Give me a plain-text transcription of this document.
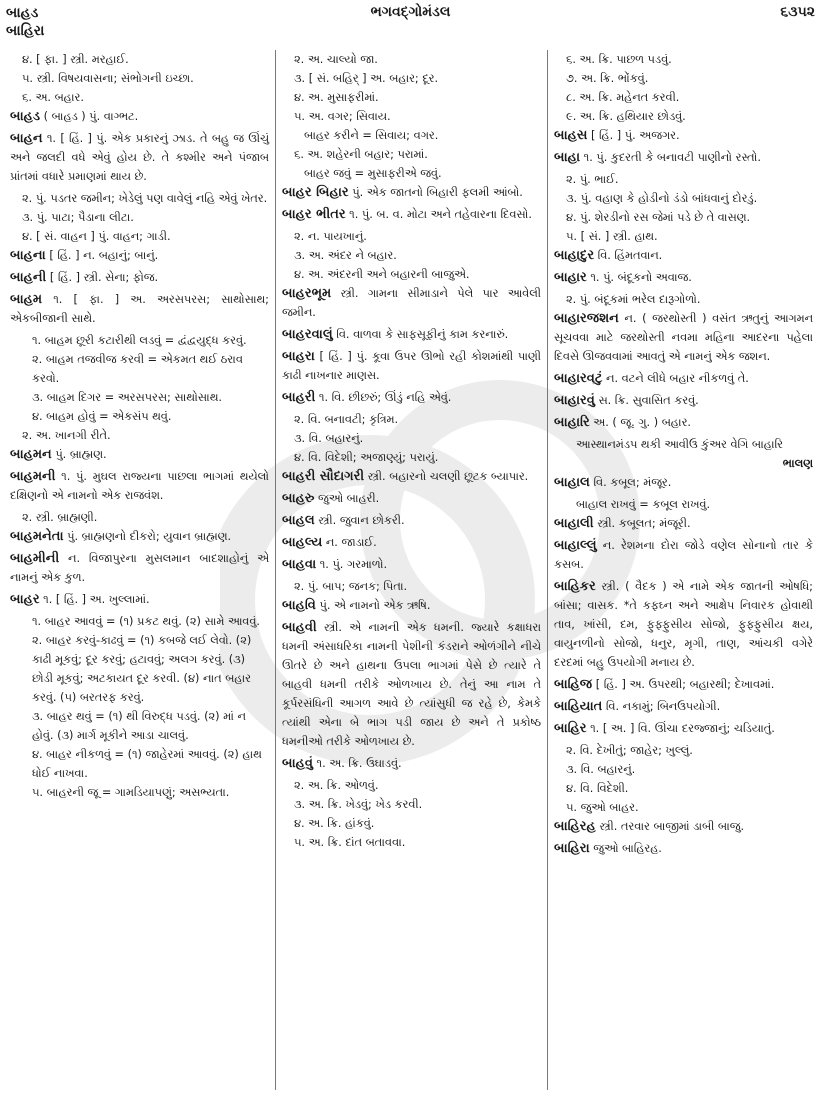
બાહડ
બાહિરા
ભગવદ્ગોમંડલ	૬૩૫૨
૪. [ ફા. ] સ્ત્રી. મરહાઈ.
૫. સ્ત્રી. વિષયવાસના; સંભોગની ઇચ્છા.
૬. અ. બહાર.
બાહડ ( બાહડ ) પું. વાગ્ભટ.
બાહન ૧. [ હિં. ] પું. એક પ્રકારનું ઝાડ. તે બહુ જ ઊંચું અને જલદી વધે એવું હોય છે. તે કશ્મીર અને પંજાબ પ્રાંતમાં વધારે પ્રમાણમાં થાય છે.
૨. પું. પડતર જમીન; ખેડેલું પણ વાવેલું નહિ એવું ખેતર.
૩. પું. પાટા; પૈડાના લીટા.
૪. [ સં. વાહન ] પું. વાહન; ગાડી.
બાહના [ હિં. ] ન. બહાનું; બાનું.
બાહની [ હિં. ] સ્ત્રી. સેના; ફોજ.
બાહમ ૧. [ ફા. ] અ. અરસપરસ; સાથોસાથ; એકબીજાની સાથે.
૧. બાહમ છૂરી કટારીથી લડવું = દ્વંદ્વયુદ્ધ કરવું.
૨. બાહમ તજવીજ કરવી = એકમત થઈ ઠરાવ કરવો.
૩. બાહમ દિગર = અરસપરસ; સાથોસાથ.
૪. બાહમ હોવું = એકસંપ થવું.
૨. અ. ખાનગી રીતે.
બાહમન પું. બ્રાહ્મણ.
બાહમની ૧. પું. મુઘલ રાજ્યના પાછલા ભાગમાં થયેલો દક્ષિણનો એ નામનો એક રાજવંશ.
૨. સ્ત્રી. બ્રાહ્મણી.
બાહમનેતા પું. બ્રાહ્મણનો દીકરો; યુવાન બ્રાહ્મણ.
બાહમીની ન. વિજાપુરના મુસલમાન બાદશાહોનું એ નામનું એક કુળ.
બાહર ૧. [ હિં. ] અ. ખુલ્લામાં.
૧. બાહર આવવું = (૧) પ્રકટ થવું. (૨) સામે આવવું.
૨. બાહર કરવું-કાઢવું = (૧) કબજે લઈ લેવો. (૨) કાઢી મૂકવું; દૂર કરવું; હટાવવું; અલગ કરવું. (૩) છોડી મૂકવું; અટકાયત દૂર કરવી. (૪) નાત બહાર કરવું. (૫) બરતરફ કરવું.
૩. બાહર થવું = (૧) થી વિરુદ્ધ પડવું. (૨) માં ન હોવું. (૩) માર્ગ મૂકીને આડા ચાલવું.
૪. બાહર નીકળવું = (૧) જાહેરમાં આવવું. (૨) હાથ ધોઈ નાખવા.
૫. બાહરની જૂ = ગામડિયાપણું; અસભ્યતા.
૨. અ. ચાલ્યો જા.
૩. [ સં. બહિર્ ] અ. બહાર; દૂર.
૪. અ. મુસાફરીમાં.
૫. અ. વગર; સિવાય.
બાહર કરીને = સિવાય; વગર.
૬. અ. શહેરની બહાર; પરામાં.
બાહર જવું = મુસાફરીએ જવું.
બાહર બિહાર પું. એક જાતનો બિહારી ફલમી આંબો.
બાહર ભીતર ૧. પું. બ. વ. મોટા અને તહેવારના દિવસો.
૨. ન. પાયખાનું.
૩. અ. અંદર ને બહાર.
૪. અ. અંદરની અને બહારની બાજુએ.
બાહરભૂમ સ્ત્રી. ગામના સીમાડાને પેલે પાર આવેલી જમીન.
બાહરવાલું વિ. વાળવા કે સાફસૂફીનું કામ કરનારું.
બાહરા [ હિં. ] પું. કૂવા ઉપર ઊભો રહી કોશમાંથી પાણી કાઢી નાખનાર માણસ.
બાહરી ૧. વિ. છીછરું; ઊંડું નહિ એવું.
૨. વિ. બનાવટી; કૃત્રિમ.
૩. વિ. બહારનું.
૪. વિ. વિદેશી; અજાણ્યું; પરાયું.
બાહરી સૌદાગરી સ્ત્રી. બહારનો ચલણી છૂટક બ્યાપાર.
બાહરુ જુઓ બાહરી.
બાહલ સ્ત્રી. જુવાન છોકરી.
બાહલ્ય ન. જાડાઈ.
બાહવા ૧. પું. ગરમાળો.
૨. પું. બાપ; જનક; પિતા.
બાહવિ પું. એ નામનો એક ઋષિ.
બાહવી સ્ત્રી. એ નામની એક ધમની. જ્યારે કક્ષાધરા ધમની અંસાધરિકા નામની પેશીની કંડરાને ઓળંગીને નીચે ઊતરે છે અને હાથના ઉપલા ભાગમાં પેસે છે ત્યારે તે બાહવી ધમની તરીકે ઓળખાય છે. તેનું આ નામ તે કૂર્પરસંધિની આગળ આવે છે ત્યાંસુધી જ રહે છે, કેમકે ત્યાંથી એના બે ભાગ પડી જાય છે અને તે પ્રકોષ્ઠ ધમનીઓ તરીકે ઓળખાય છે.
બાહવું ૧. અ. ક્રિ. ઉઘાડવું.
૨. અ. ક્રિ. ઓળવું.
૩. અ. ક્રિ. ખેડવું; ખેડ કરવી.
૪. અ. ક્રિ. હાંકવું.
૫. અ. ક્રિ. દાંત બતાવવા.
૬. અ. ક્રિ. પાછળ પડવું.
૭. અ. ક્રિ. ભોંકવું.
૮. અ. ક્રિ. મહેનત કરવી.
૯. અ. ક્રિ. હથિયાર છોડવું.
બાહસ [ હિં. ] પું. અજગર.
બાહા ૧. પું. કુદરતી કે બનાવટી પાણીનો રસ્તો.
૨. પું. ભાઈ.
૩. પું. વહાણ કે હોડીનો ડંડો બાંધવાનું દોરડું.
૪. પું. શેરડીનો રસ જેમાં પડે છે તે વાસણ.
૫. [ સં. ] સ્ત્રી. હાથ.
બાહાદુર વિ. હિંમતવાન.
બાહાર ૧. પું. બંદૂકનો અવાજ.
૨. પું. બંદૂકમાં ભરેલ દારૂગોળો.
બાહારજશન ન. ( જરથોસ્તી ) વસંત ઋતુનું આગમન સૂચવવા માટે જરથોસ્તી નવમા મહિના આદરના પહેલા દિવસે ઊજવવામાં આવતું એ નામનું એક જશન.
બાહારવટું ન. વટને લીધે બહાર નીકળવું તે.
બાહારવું સ. ક્રિ. સુવાસિત કરવું.
બાહારિ અ. ( જૂ. ગુ. ) બહાર.
આસ્થાનમંડપ થકી આવીઉ કુંઅર વેગિ બાહારિ
ભાલણ
બાહાલ વિ. કબૂલ; મંજૂર.
બાહાલ રાખવું = કબૂલ રાખવું.
બાહાલી સ્ત્રી. કબૂલત; મંજૂરી.
બાહાલ્લું ન. રેશમના દોરા જોડે વણેલ સોનાનો તાર કે કસબ.
બાહિકર સ્ત્રી. ( વૈદક ) એ નામે એક જાતની ઓષધિ; બાંસા; વાસક. *તે કફઘ્ન અને આક્ષેપ નિવારક હોવાથી તાવ, ખાંસી, દમ, ફુફ્ફુસીય સોજો, ફુફ્ફુસીય ક્ષય, વાયુનળીનો સોજો, ધનુર, મૃગી, તાણ, આંચકી વગેરે દરદમાં બહુ ઉપયોગી મનાય છે.
બાહિજ [ હિં. ] અ. ઉપરથી; બહારથી; દેખાવમાં.
બાહિયાત વિ. નકામું; બિનઉપયોગી.
બાહિર ૧. [ અ. ] વિ. ઊંચા દરજ્જાનું; ચડિયાતું.
૨. વિ. દેખીતું; જાહેર; ખુલ્લું.
૩. વિ. બહારનું.
૪. વિ. વિદેશી.
૫. જુઓ બાહર.
બાહિરહ સ્ત્રી. તરવાર બાજીમાં ડાબી બાજુ.
બાહિરા જુઓ બાહિરહ.
